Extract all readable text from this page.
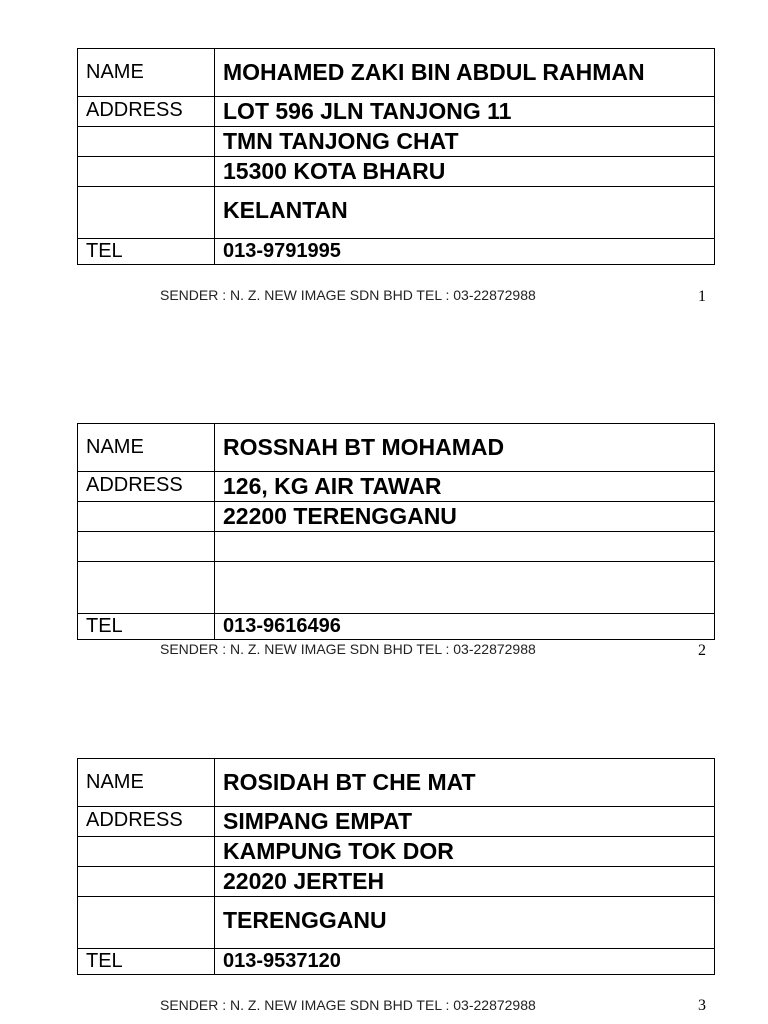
NAME	MOHAMED ZAKI BIN ABDUL RAHMAN
ADDRESS	LOT 596 JLN TANJONG 11
	TMN TANJONG CHAT
	15300 KOTA BHARU
	KELANTAN
TEL	013-9791995
SENDER : N. Z. NEW IMAGE SDN BHD TEL : 03-22872988	1
NAME	ROSSNAH BT MOHAMAD
ADDRESS	126, KG AIR TAWAR
	22200 TERENGGANU

TEL	013-9616496
SENDER : N. Z. NEW IMAGE SDN BHD TEL : 03-22872988	2
NAME	ROSIDAH BT CHE MAT
ADDRESS	SIMPANG EMPAT
	KAMPUNG TOK DOR
	22020 JERTEH
	TERENGGANU
TEL	013-9537120
SENDER : N. Z. NEW IMAGE SDN BHD TEL : 03-22872988	3
